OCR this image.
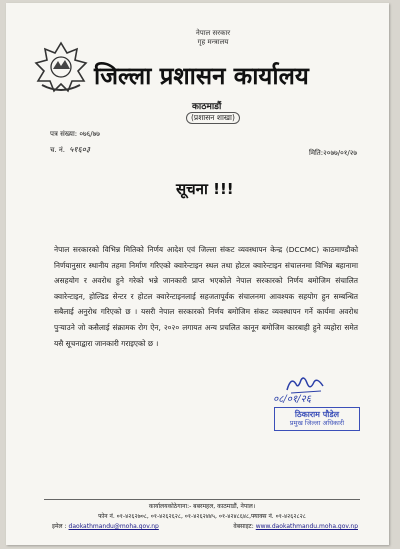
नेपाल सरकार
गृह मन्त्रालय
जिल्ला प्रशासन कार्यालय
काठमाडौं
(प्रशासन शाखा)
पत्र संख्या: ०७६/७७
च. नं. ५१६०३	मिति:२०७७/०१/२७
सूचना !!!
नेपाल सरकारको विभिन्न मितिको निर्णय आदेश एवं जिल्ला संकट व्यवस्थापन केन्द्र (DCCMC) काठमाण्डौको निर्णयानुसार स्थानीय तहमा निर्माण गरिएको क्वारेन्टाइन स्थल तथा होटल क्वारेन्टाइन संचालनमा विभिन्न बहानामा असहयोग र अवरोध हुने गरेको भन्ने जानकारी प्राप्त भएकोले नेपाल सरकारको निर्णय बमोजिम संचालित क्वारेन्टाइन, होल्डिड सेन्टर र होटल क्वारेन्टाइनलाई सहजतापूर्वक संचालनमा आवश्यक सहयोग हुन सम्बन्धित सबैलाई अनुरोध गरिएको छ । यसरी नेपाल सरकारको निर्णय बमोजिम संकट व्यवस्थापन गर्ने कार्यमा अवरोध पुऱ्याउने जो कसैलाई संक्रामक रोग ऐन, २०२० लगायत अन्य प्रचलित कानून बमोजिम कारबाही हुने व्यहोरा समेत यसै सूचनाद्वारा जानकारी गराइएको छ ।
०८/०१/२६
ठिकाराम पौडेल
प्रमुख जिल्ला अधिकारी
कार्यालयकोठेगाना:- बबरमहल, काठमाडौं, नेपाल।
फोन नं. ०१-४२६२७०८, ०१-४२६२६२८, ०१-४२६२४४५, ०१-४२४८६४८,फ्याक्स नं. ०१-४२६२८२८
इमेल : daokathmandu@moha.gov.np	वेबसाइट: www.daokathmandu.moha.gov.np
